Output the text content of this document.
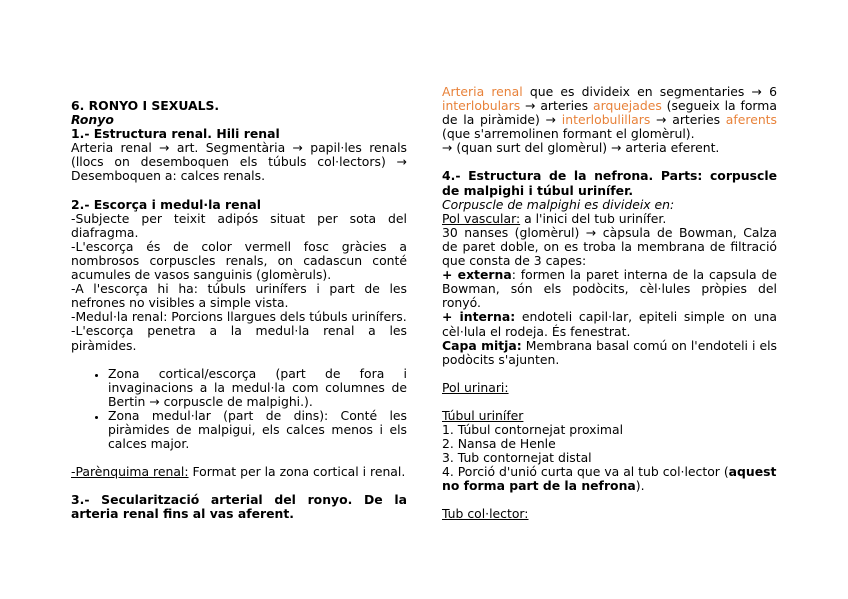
6. RONYO I SEXUALS.

Ronyo

1.- Estructura renal. Hili renal

Arteria renal → art. Segmentària → papil·les renals (llocs on desemboquen els túbuls col·lectors) → Desemboquen a: calces renals.

2.- Escorça i medul·la renal

-Subjecte per teixit adipós situat per sota del diafragma.

-L'escorça és de color vermell fosc gràcies a nombrosos corpuscles renals, on cadascun conté acumules de vasos sanguinis (glomèruls).

-A l'escorça hi ha: túbuls urinífers i part de les nefrones no visibles a simple vista.

-Medul·la renal: Porcions llargues dels túbuls urinífers.

-L'escorça penetra a la medul·la renal a les piràmides.

• Zona cortical/escorça (part de fora i invaginacions a la medul·la com columnes de Bertin → corpuscle de malpighi.).
• Zona medul·lar (part de dins): Conté les piràmides de malpigui, els calces menos i els calces major.

-Parènquima renal: Format per la zona cortical i renal.

3.- Secularització arterial del ronyo. De la arteria renal fins al vas aferent.

Arteria renal que es divideix en segmentaries → 6 interlobulars → arteries arquejades (segueix la forma de la piràmide) → interlobulillars → arteries aferents (que s'arremolinen formant el glomèrul).

→ (quan surt del glomèrul) → arteria eferent.

4.- Estructura de la nefrona. Parts: corpuscle de malpighi i túbul urinífer.

Corpuscle de malpighi es divideix en:

Pol vascular: a l'inici del tub urinífer.

30 nanses (glomèrul) → càpsula de Bowman, Calza de paret doble, on es troba la membrana de filtració que consta de 3 capes:

+ externa: formen la paret interna de la capsula de Bowman, són els podòcits, cèl·lules pròpies del ronyó.

+ interna: endoteli capil·lar, epiteli simple on una cèl·lula el rodeja. És fenestrat.

Capa mitja: Membrana basal comú on l'endoteli i els podòcits s'ajunten.

Pol urinari:

Túbul urinífer

1. Túbul contornejat proximal

2. Nansa de Henle

3. Tub contornejat distal

4. Porció d'unió curta que va al tub col·lector (aquest no forma part de la nefrona).

Tub col·lector:
